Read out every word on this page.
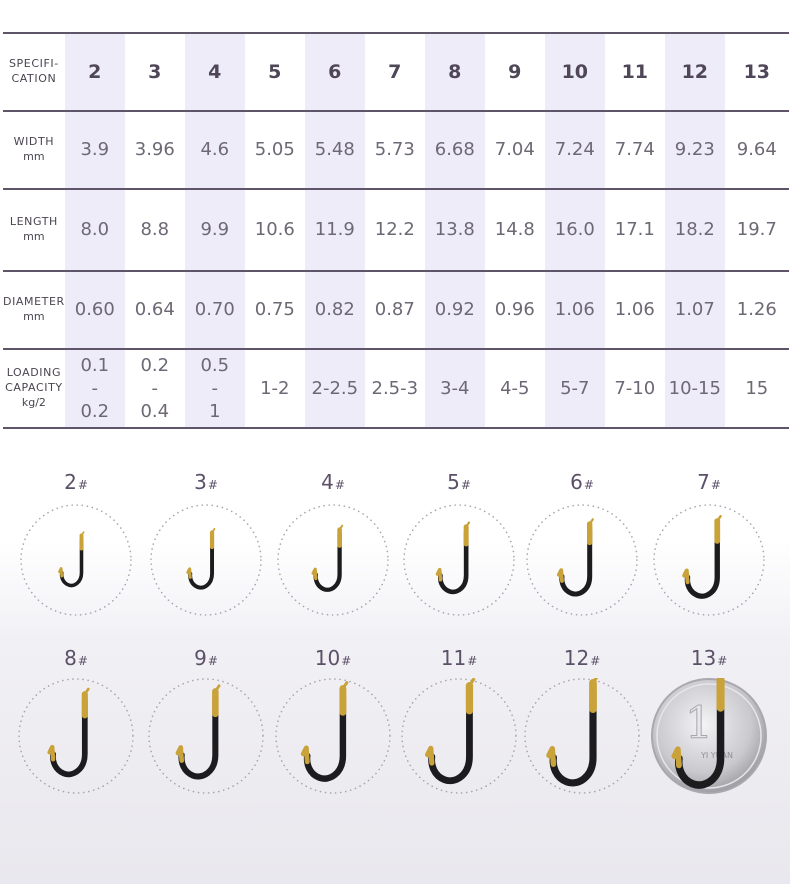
SPECIFI-
CATION	2	3	4	5	6	7	8	9	10	11	12	13

WIDTH
mm	3.9	3.96	4.6	5.05	5.48	5.73	6.68	7.04	7.24	7.74	9.23	9.64

LENGTH
mm	8.0	8.8	9.9	10.6	11.9	12.2	13.8	14.8	16.0	17.1	18.2	19.7

DIAMETER
mm	0.60	0.64	0.70	0.75	0.82	0.87	0.92	0.96	1.06	1.06	1.07	1.26

LOADING
CAPACITY
kg/2	0.1
-
0.2	0.2
-
0.4	0.5
-
1	1-2	2-2.5	2.5-3	3-4	4-5	5-7	7-10	10-15	15
2#	3#	4#	5#	6#	7#
8#	9#	10#	11#	12#	13#
1
YI YUAN
